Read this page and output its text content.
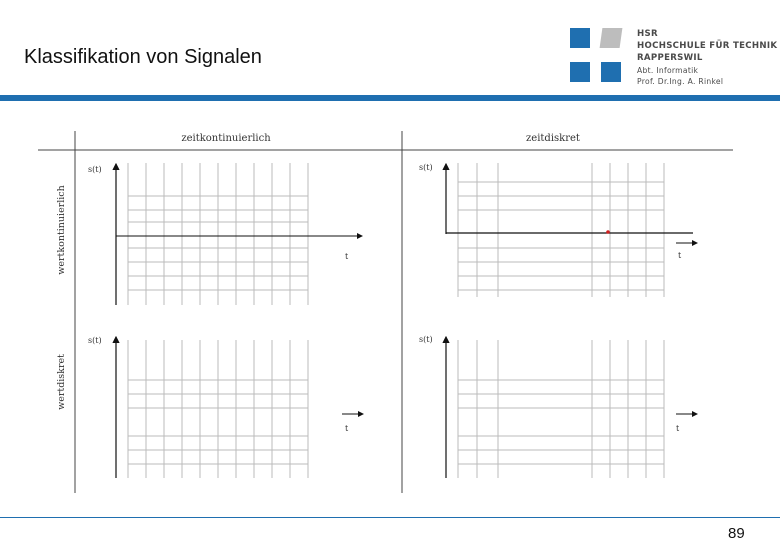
Klassifikation von Signalen
HSR
HOCHSCHULE FÜR TECHNIK
RAPPERSWIL
Abt. Informatik
Prof. Dr.Ing. A. Rinkel
zeitkontinuierlich	zeitdiskret
wertkontinuierlich
wertdiskret
s(t)
t
s(t)
t
s(t)
t
s(t)
t
89
